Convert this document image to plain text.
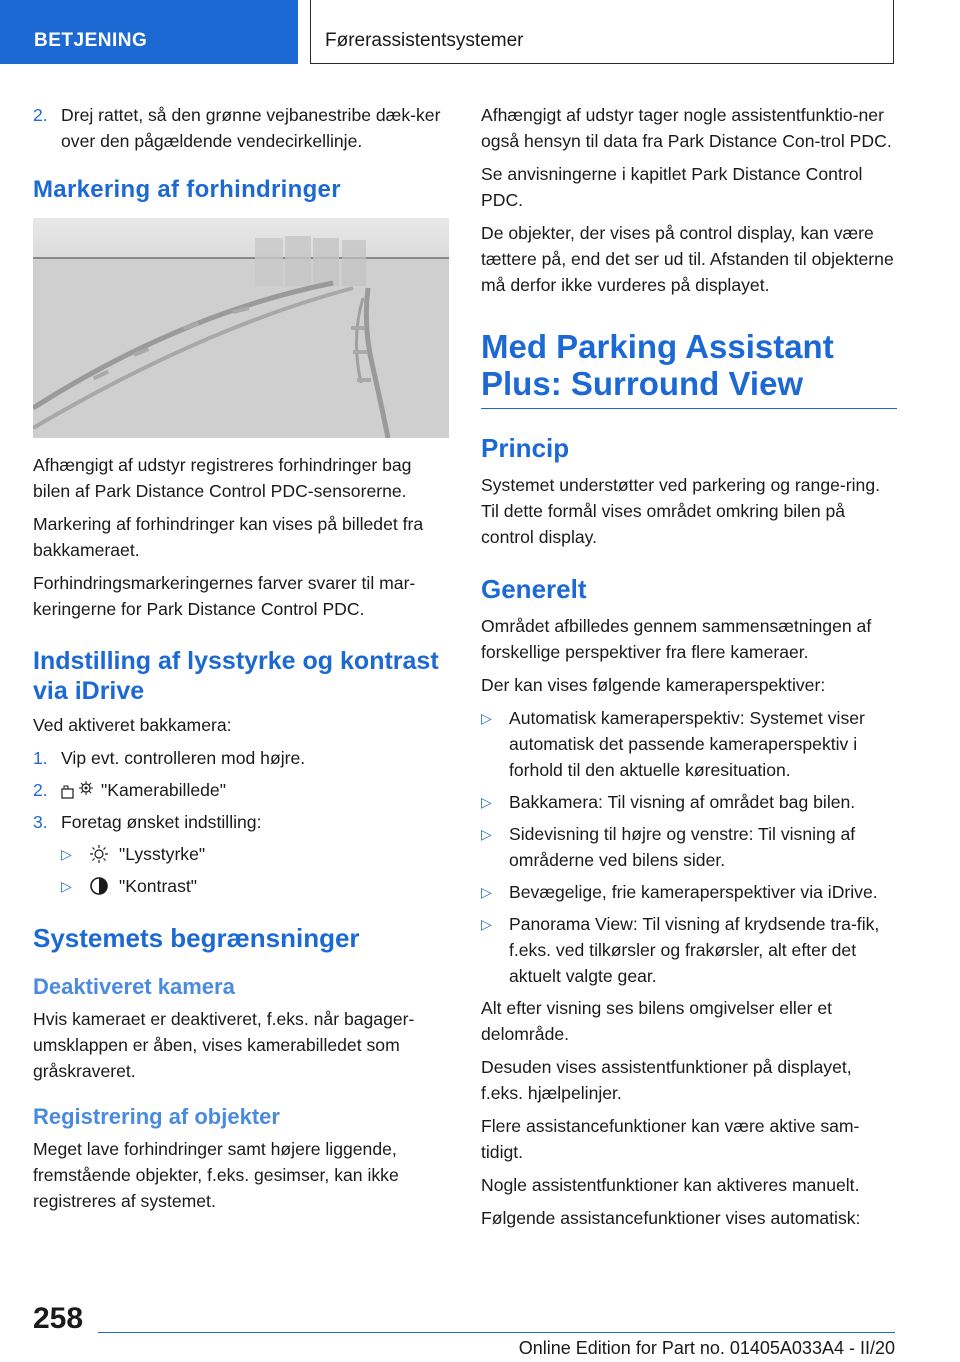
BETJENING	Førerassistentsystemer
2. Drej rattet, så den grønne vejbanestribe dæk-ker over den pågældende vendecirkellinje.
Markering af forhindringer

Afhængigt af udstyr registreres forhindringer bag bilen af Park Distance Control PDC-sensorerne.

Markering af forhindringer kan vises på billedet fra bakkameraet.

Forhindringsmarkeringernes farver svarer til mar-keringerne for Park Distance Control PDC.

Indstilling af lysstyrke og kontrast via iDrive

Ved aktiveret bakkamera:

1. Vip evt. controlleren mod højre.
2.	"Kamerabillede"
3. Foretag ønsket indstilling:
▷	"Lysstyrke"
▷	"Kontrast"
Systemets begrænsninger
Deaktiveret kamera

Hvis kameraet er deaktiveret, f.eks. når bagager-umsklappen er åben, vises kamerabilledet som gråskraveret.

Registrering af objekter

Meget lave forhindringer samt højere liggende, fremstående objekter, f.eks. gesimser, kan ikke registreres af systemet.

Afhængigt af udstyr tager nogle assistentfunktio-ner også hensyn til data fra Park Distance Con-trol PDC.

Se anvisningerne i kapitlet Park Distance Control PDC.

De objekter, der vises på control display, kan være tættere på, end det ser ud til. Afstanden til objekterne må derfor ikke vurderes på displayet.

Med Parking Assistant Plus: Surround View
Princip

Systemet understøtter ved parkering og range-ring. Til dette formål vises området omkring bilen på control display.

Generelt

Området afbilledes gennem sammensætningen af forskellige perspektiver fra flere kameraer.

Der kan vises følgende kameraperspektiver:

▷ Automatisk kameraperspektiv: Systemet viser automatisk det passende kameraperspektiv i forhold til den aktuelle køresituation.
▷ Bakkamera: Til visning af området bag bilen.
▷ Sidevisning til højre og venstre: Til visning af områderne ved bilens sider.
▷ Bevægelige, frie kameraperspektiver via iDrive.
▷ Panorama View: Til visning af krydsende tra-fik, f.eks. ved tilkørsler og frakørsler, alt efter det aktuelt valgte gear.

Alt efter visning ses bilens omgivelser eller et delområde.

Desuden vises assistentfunktioner på displayet, f.eks. hjælpelinjer.

Flere assistancefunktioner kan være aktive sam-tidigt.

Nogle assistentfunktioner kan aktiveres manuelt.

Følgende assistancefunktioner vises automatisk:

258
Online Edition for Part no. 01405A033A4 - II/20
